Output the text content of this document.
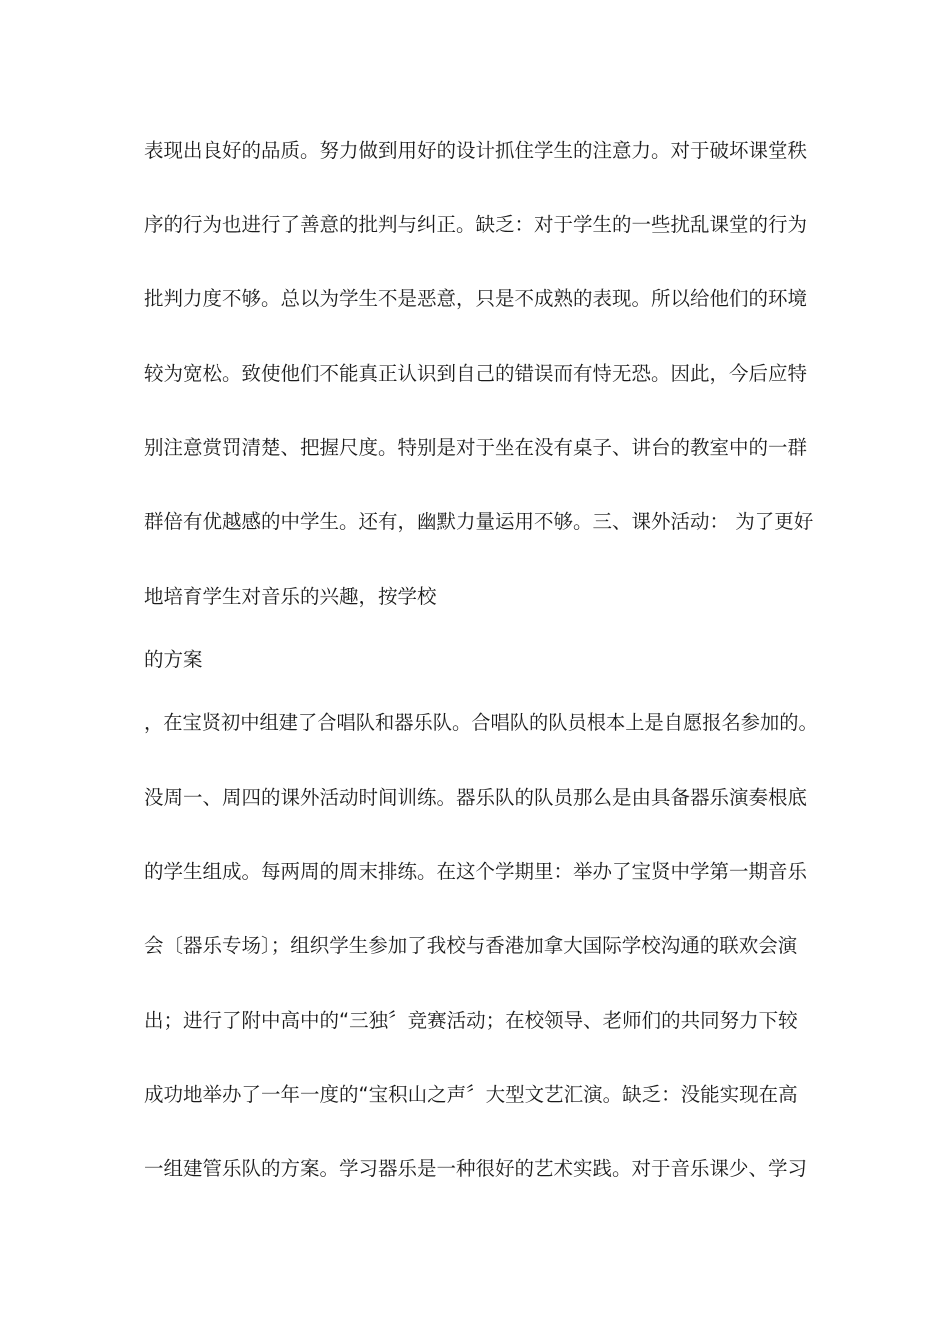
表现出良好的品质。努力做到用好的设计抓住学生的注意力。对于破坏课堂秩
序的行为也进行了善意的批判与纠正。缺乏：对于学生的一些扰乱课堂的行为
批判力度不够。总以为学生不是恶意，只是不成熟的表现。所以给他们的环境
较为宽松。致使他们不能真正认识到自己的错误而有恃无恐。因此，今后应特
别注意赏罚清楚、把握尺度。特别是对于坐在没有桌子、讲台的教室中的一群
群倍有优越感的中学生。还有，幽默力量运用不够。三、课外活动： 为了更好
地培育学生对音乐的兴趣，按学校
的方案
，在宝贤初中组建了合唱队和器乐队。合唱队的队员根本上是自愿报名参加的。
没周一、周四的课外活动时间训练。器乐队的队员那么是由具备器乐演奏根底
的学生组成。每两周的周末排练。在这个学期里：举办了宝贤中学第一期音乐
会〔器乐专场〕；组织学生参加了我校与香港加拿大国际学校沟通的联欢会演
出；进行了附中高中的“三独〞竞赛活动；在校领导、老师们的共同努力下较
成功地举办了一年一度的“宝积山之声〞大型文艺汇演。缺乏：没能实现在高
一组建管乐队的方案。学习器乐是一种很好的艺术实践。对于音乐课少、学习
